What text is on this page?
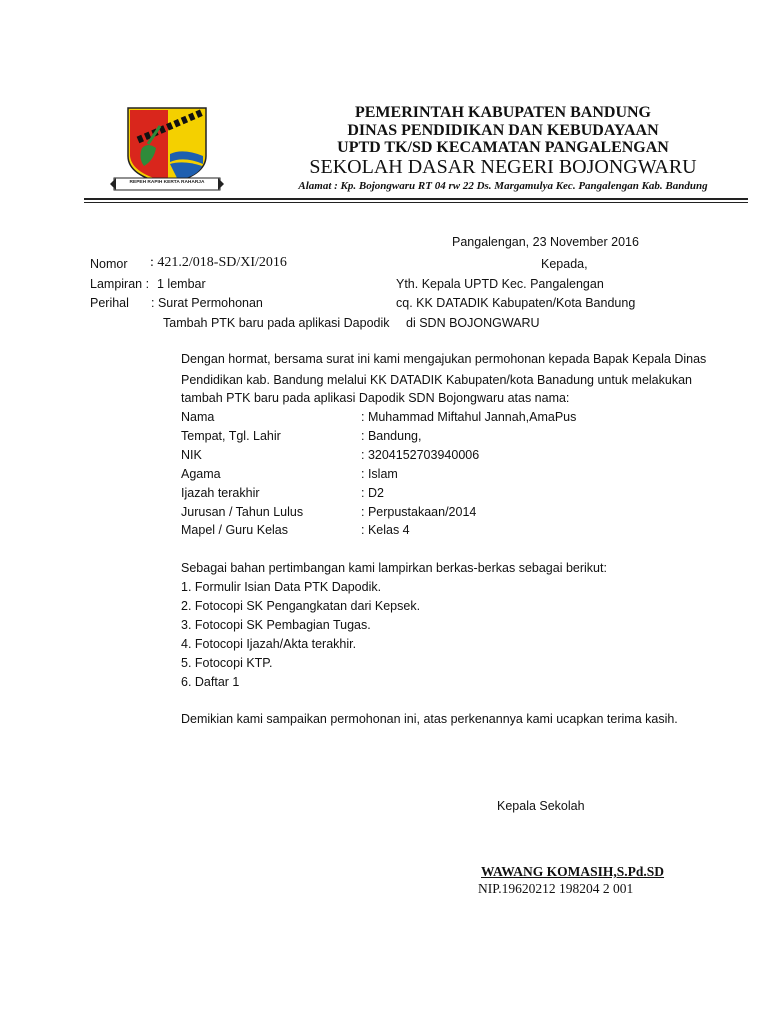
REPEH RAPIH KERTA RAHARJA
PEMERINTAH KABUPATEN BANDUNG
DINAS PENDIDIKAN DAN KEBUDAYAAN
UPTD TK/SD KECAMATAN PANGALENGAN
SEKOLAH DASAR NEGERI BOJONGWARU
Alamat : Kp. Bojongwaru RT 04 rw 22 Ds. Margamulya Kec. Pangalengan Kab. Bandung
Pangalengan, 23 November 2016
Nomor : 421.2/018-SD/XI/2016	Kepada,
Lampiran : 1 lembar	Yth. Kepala UPTD Kec. Pangalengan
Perihal : Surat Permohonan	cq. KK DATADIK Kabupaten/Kota Bandung
Tambah PTK baru pada aplikasi Dapodik di SDN BOJONGWARU
Dengan hormat, bersama surat ini kami mengajukan permohonan kepada Bapak Kepala Dinas
Pendidikan kab. Bandung melalui KK DATADIK Kabupaten/kota Banadung untuk melakukan
tambah PTK baru pada aplikasi Dapodik SDN Bojongwaru atas nama:
Nama	: Muhammad Miftahul Jannah,AmaPus
Tempat, Tgl. Lahir	: Bandung,
NIK	: 3204152703940006
Agama	: Islam
Ijazah terakhir	: D2
Jurusan / Tahun Lulus	: Perpustakaan/2014
Mapel / Guru Kelas	: Kelas 4
Sebagai bahan pertimbangan kami lampirkan berkas-berkas sebagai berikut:
1. Formulir Isian Data PTK Dapodik.
2. Fotocopi SK Pengangkatan dari Kepsek.
3. Fotocopi SK Pembagian Tugas.
4. Fotocopi Ijazah/Akta terakhir.
5. Fotocopi KTP.
6. Daftar 1
Demikian kami sampaikan permohonan ini, atas perkenannya kami ucapkan terima kasih.
Kepala Sekolah
WAWANG KOMASIH,S.Pd.SD
NIP.19620212 198204 2 001
